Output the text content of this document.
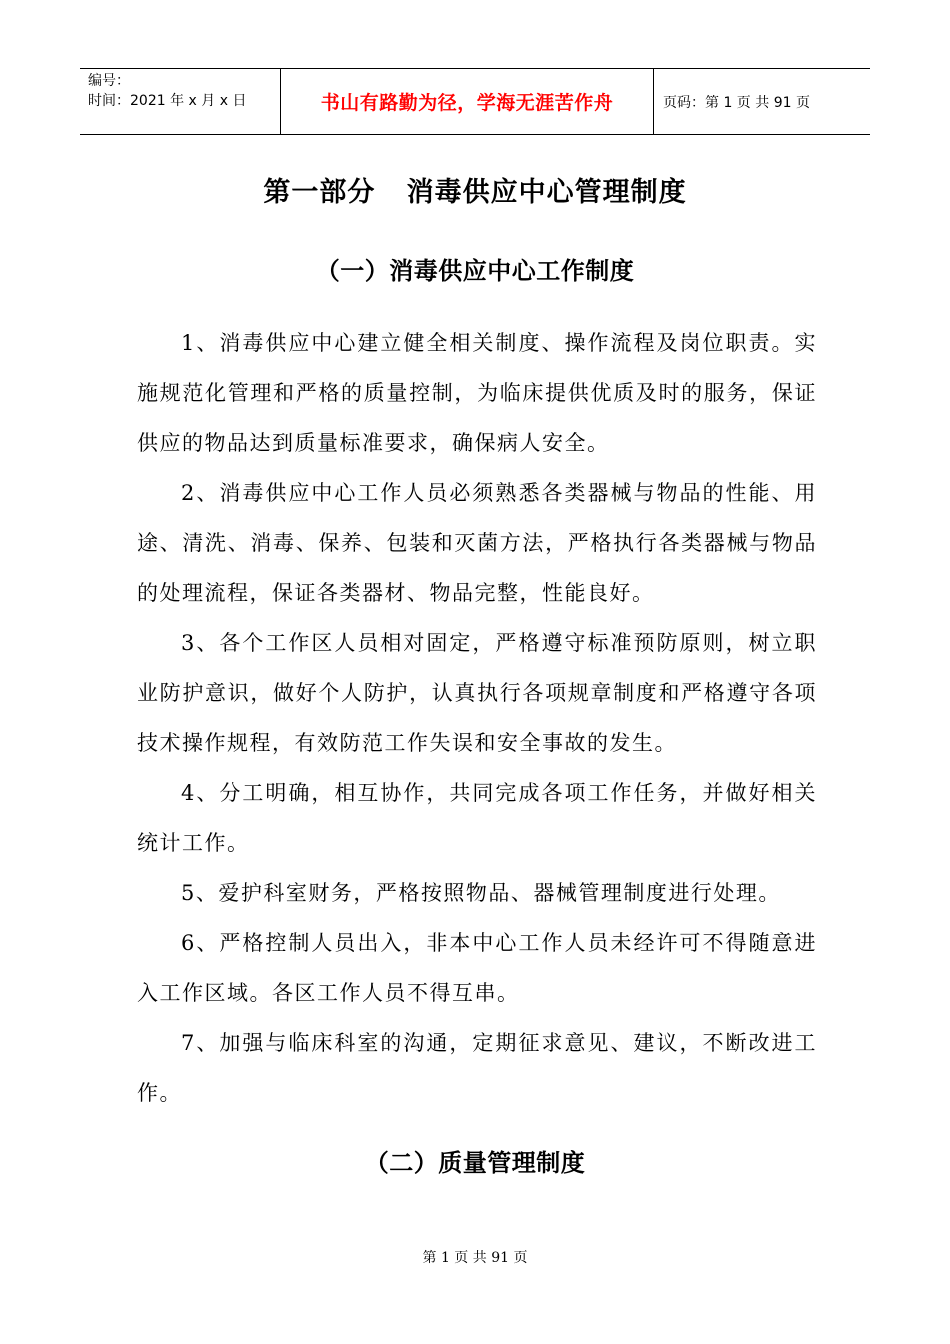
编号：
时间：2021 年 x 月 x 日	书山有路勤为径，学海无涯苦作舟	页码：第 1 页 共 91 页
第一部分   消毒供应中心管理制度
（一）消毒供应中心工作制度

1、消毒供应中心建立健全相关制度、操作流程及岗位职责。实施规范化管理和严格的质量控制，为临床提供优质及时的服务，保证供应的物品达到质量标准要求，确保病人安全。

2、消毒供应中心工作人员必须熟悉各类器械与物品的性能、用途、清洗、消毒、保养、包装和灭菌方法，严格执行各类器械与物品的处理流程，保证各类器材、物品完整，性能良好。

3、各个工作区人员相对固定，严格遵守标准预防原则，树立职业防护意识，做好个人防护，认真执行各项规章制度和严格遵守各项技术操作规程，有效防范工作失误和安全事故的发生。

4、分工明确，相互协作，共同完成各项工作任务，并做好相关统计工作。

5、爱护科室财务，严格按照物品、器械管理制度进行处理。

6、严格控制人员出入，非本中心工作人员未经许可不得随意进入工作区域。各区工作人员不得互串。

7、加强与临床科室的沟通，定期征求意见、建议，不断改进工作。

（二）质量管理制度
第 1 页 共 91 页
